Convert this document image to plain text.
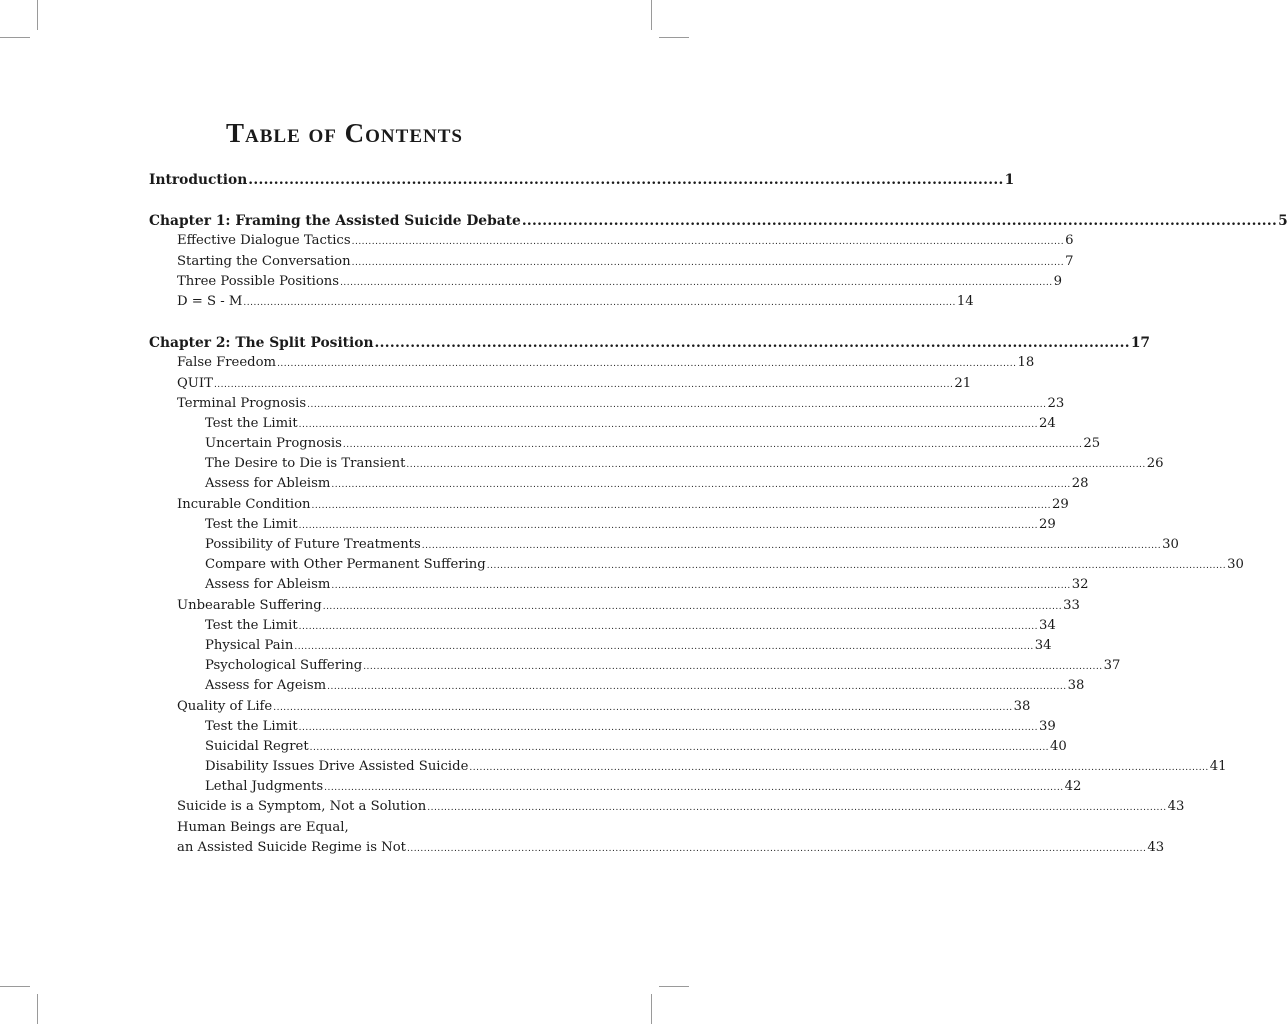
Table of Contents
Introduction .................................................................................................................................................... 1
Chapter 1: Framing the Assisted Suicide Debate .................................................................................................................................................... 5
Effective Dialogue Tactics .................................................................................................................................................................................................................... 6
Starting the Conversation .................................................................................................................................................................................................................... 7
Three Possible Positions .................................................................................................................................................................................................................... 9
D = S - M .................................................................................................................................................................................................................... 14
Chapter 2: The Split Position .................................................................................................................................................... 17
False Freedom ............................................................................................................................................................................................................................ 18
QUIT ............................................................................................................................................................................................................................ 21
Terminal Prognosis ............................................................................................................................................................................................................................ 23
Test the Limit ............................................................................................................................................................................................................................ 24
Uncertain Prognosis ............................................................................................................................................................................................................................ 25
The Desire to Die is Transient ............................................................................................................................................................................................................................ 26
Assess for Ableism ............................................................................................................................................................................................................................ 28
Incurable Condition ............................................................................................................................................................................................................................ 29
Test the Limit ............................................................................................................................................................................................................................ 29
Possibility of Future Treatments ............................................................................................................................................................................................................................ 30
Compare with Other Permanent Suffering ............................................................................................................................................................................................................................ 30
Assess for Ableism ............................................................................................................................................................................................................................ 32
Unbearable Suffering ............................................................................................................................................................................................................................ 33
Test the Limit ............................................................................................................................................................................................................................ 34
Physical Pain ............................................................................................................................................................................................................................ 34
Psychological Suffering ............................................................................................................................................................................................................................ 37
Assess for Ageism ............................................................................................................................................................................................................................ 38
Quality of Life ............................................................................................................................................................................................................................ 38
Test the Limit ............................................................................................................................................................................................................................ 39
Suicidal Regret ............................................................................................................................................................................................................................ 40
Disability Issues Drive Assisted Suicide ............................................................................................................................................................................................................................ 41
Lethal Judgments ............................................................................................................................................................................................................................ 42
Suicide is a Symptom, Not a Solution ............................................................................................................................................................................................................................ 43
Human Beings are Equal,
an Assisted Suicide Regime is Not ............................................................................................................................................................................................................................ 43
